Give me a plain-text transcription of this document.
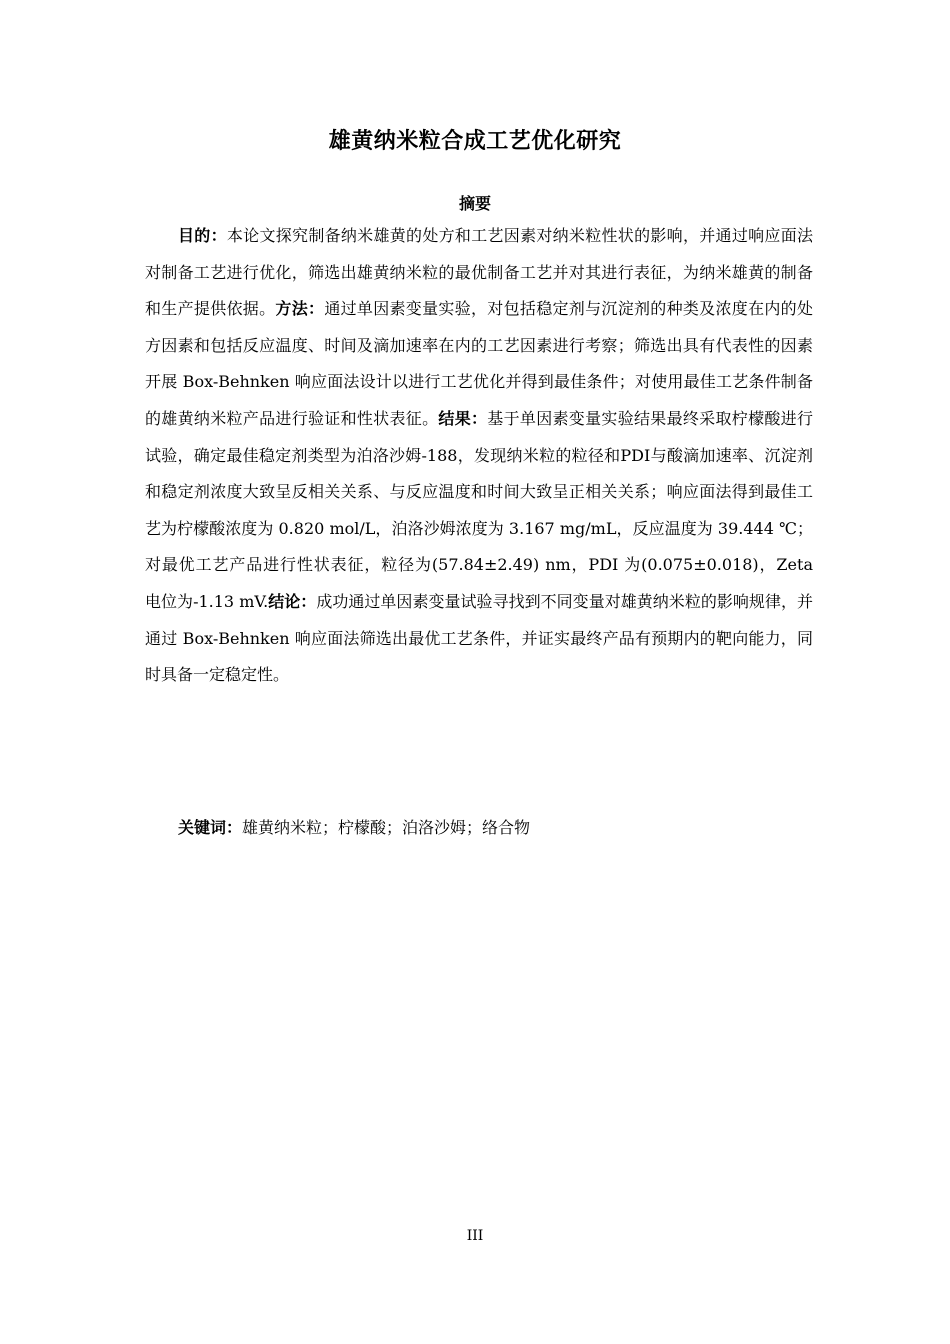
雄黄纳米粒合成工艺优化研究
摘要

目的：本论文探究制备纳米雄黄的处方和工艺因素对纳米粒性状的影响，并通过响应面法对制备工艺进行优化，筛选出雄黄纳米粒的最优制备工艺并对其进行表征，为纳米雄黄的制备和生产提供依据。方法：通过单因素变量实验，对包括稳定剂与沉淀剂的种类及浓度在内的处方因素和包括反应温度、时间及滴加速率在内的工艺因素进行考察；筛选出具有代表性的因素开展 Box-Behnken 响应面法设计以进行工艺优化并得到最佳条件；对使用最佳工艺条件制备的雄黄纳米粒产品进行验证和性状表征。结果：基于单因素变量实验结果最终采取柠檬酸进行试验，确定最佳稳定剂类型为泊洛沙姆-188，发现纳米粒的粒径和PDI与酸滴加速率、沉淀剂和稳定剂浓度大致呈反相关关系、与反应温度和时间大致呈正相关关系；响应面法得到最佳工艺为柠檬酸浓度为 0.820 mol/L，泊洛沙姆浓度为 3.167 mg/mL，反应温度为 39.444 ℃；对最优工艺产品进行性状表征，粒径为(57.84±2.49) nm，PDI 为(0.075±0.018)，Zeta 电位为-1.13 mV.结论：成功通过单因素变量试验寻找到不同变量对雄黄纳米粒的影响规律，并通过 Box-Behnken 响应面法筛选出最优工艺条件，并证实最终产品有预期内的靶向能力，同时具备一定稳定性。

关键词：雄黄纳米粒；柠檬酸；泊洛沙姆；络合物

III
